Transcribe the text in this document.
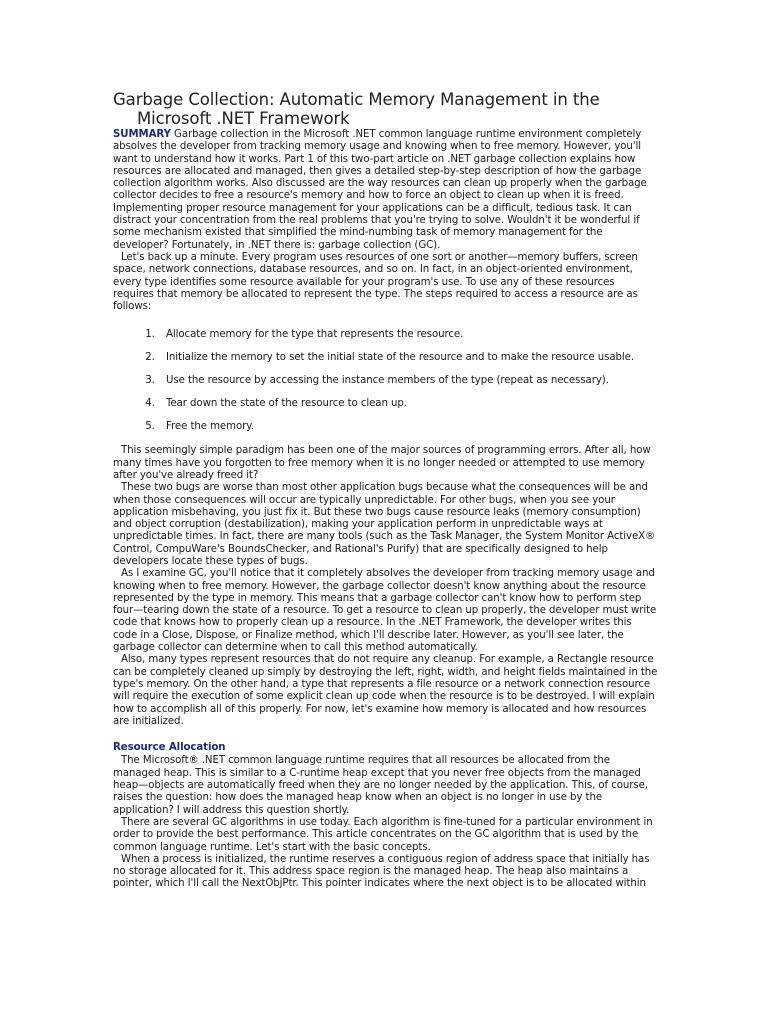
Garbage Collection: Automatic Memory Management in the Microsoft .NET Framework

SUMMARY Garbage collection in the Microsoft .NET common language runtime environment completely absolves the developer from tracking memory usage and knowing when to free memory. However, you'll want to understand how it works. Part 1 of this two-part article on .NET garbage collection explains how resources are allocated and managed, then gives a detailed step-by-step description of how the garbage collection algorithm works. Also discussed are the way resources can clean up properly when the garbage collector decides to free a resource's memory and how to force an object to clean up when it is freed.

Implementing proper resource management for your applications can be a difficult, tedious task. It can distract your concentration from the real problems that you're trying to solve. Wouldn't it be wonderful if some mechanism existed that simplified the mind-numbing task of memory management for the developer? Fortunately, in .NET there is: garbage collection (GC).

Let's back up a minute. Every program uses resources of one sort or another—memory buffers, screen space, network connections, database resources, and so on. In fact, in an object-oriented environment, every type identifies some resource available for your program's use. To use any of these resources requires that memory be allocated to represent the type. The steps required to access a resource are as follows:

1. Allocate memory for the type that represents the resource.
2. Initialize the memory to set the initial state of the resource and to make the resource usable.
3. Use the resource by accessing the instance members of the type (repeat as necessary).
4. Tear down the state of the resource to clean up.
5. Free the memory.

This seemingly simple paradigm has been one of the major sources of programming errors. After all, how many times have you forgotten to free memory when it is no longer needed or attempted to use memory after you've already freed it?

These two bugs are worse than most other application bugs because what the consequences will be and when those consequences will occur are typically unpredictable. For other bugs, when you see your application misbehaving, you just fix it. But these two bugs cause resource leaks (memory consumption) and object corruption (destabilization), making your application perform in unpredictable ways at unpredictable times. In fact, there are many tools (such as the Task Manager, the System Monitor ActiveX® Control, CompuWare's BoundsChecker, and Rational's Purify) that are specifically designed to help developers locate these types of bugs.

As I examine GC, you'll notice that it completely absolves the developer from tracking memory usage and knowing when to free memory. However, the garbage collector doesn't know anything about the resource represented by the type in memory. This means that a garbage collector can't know how to perform step four—tearing down the state of a resource. To get a resource to clean up properly, the developer must write code that knows how to properly clean up a resource. In the .NET Framework, the developer writes this code in a Close, Dispose, or Finalize method, which I'll describe later. However, as you'll see later, the garbage collector can determine when to call this method automatically.

Also, many types represent resources that do not require any cleanup. For example, a Rectangle resource can be completely cleaned up simply by destroying the left, right, width, and height fields maintained in the type's memory. On the other hand, a type that represents a file resource or a network connection resource will require the execution of some explicit clean up code when the resource is to be destroyed. I will explain how to accomplish all of this properly. For now, let's examine how memory is allocated and how resources are initialized.

Resource Allocation

The Microsoft® .NET common language runtime requires that all resources be allocated from the managed heap. This is similar to a C-runtime heap except that you never free objects from the managed heap—objects are automatically freed when they are no longer needed by the application. This, of course, raises the question: how does the managed heap know when an object is no longer in use by the application? I will address this question shortly.

There are several GC algorithms in use today. Each algorithm is fine-tuned for a particular environment in order to provide the best performance. This article concentrates on the GC algorithm that is used by the common language runtime. Let's start with the basic concepts.

When a process is initialized, the runtime reserves a contiguous region of address space that initially has no storage allocated for it. This address space region is the managed heap. The heap also maintains a pointer, which I'll call the NextObjPtr. This pointer indicates where the next object is to be allocated within
